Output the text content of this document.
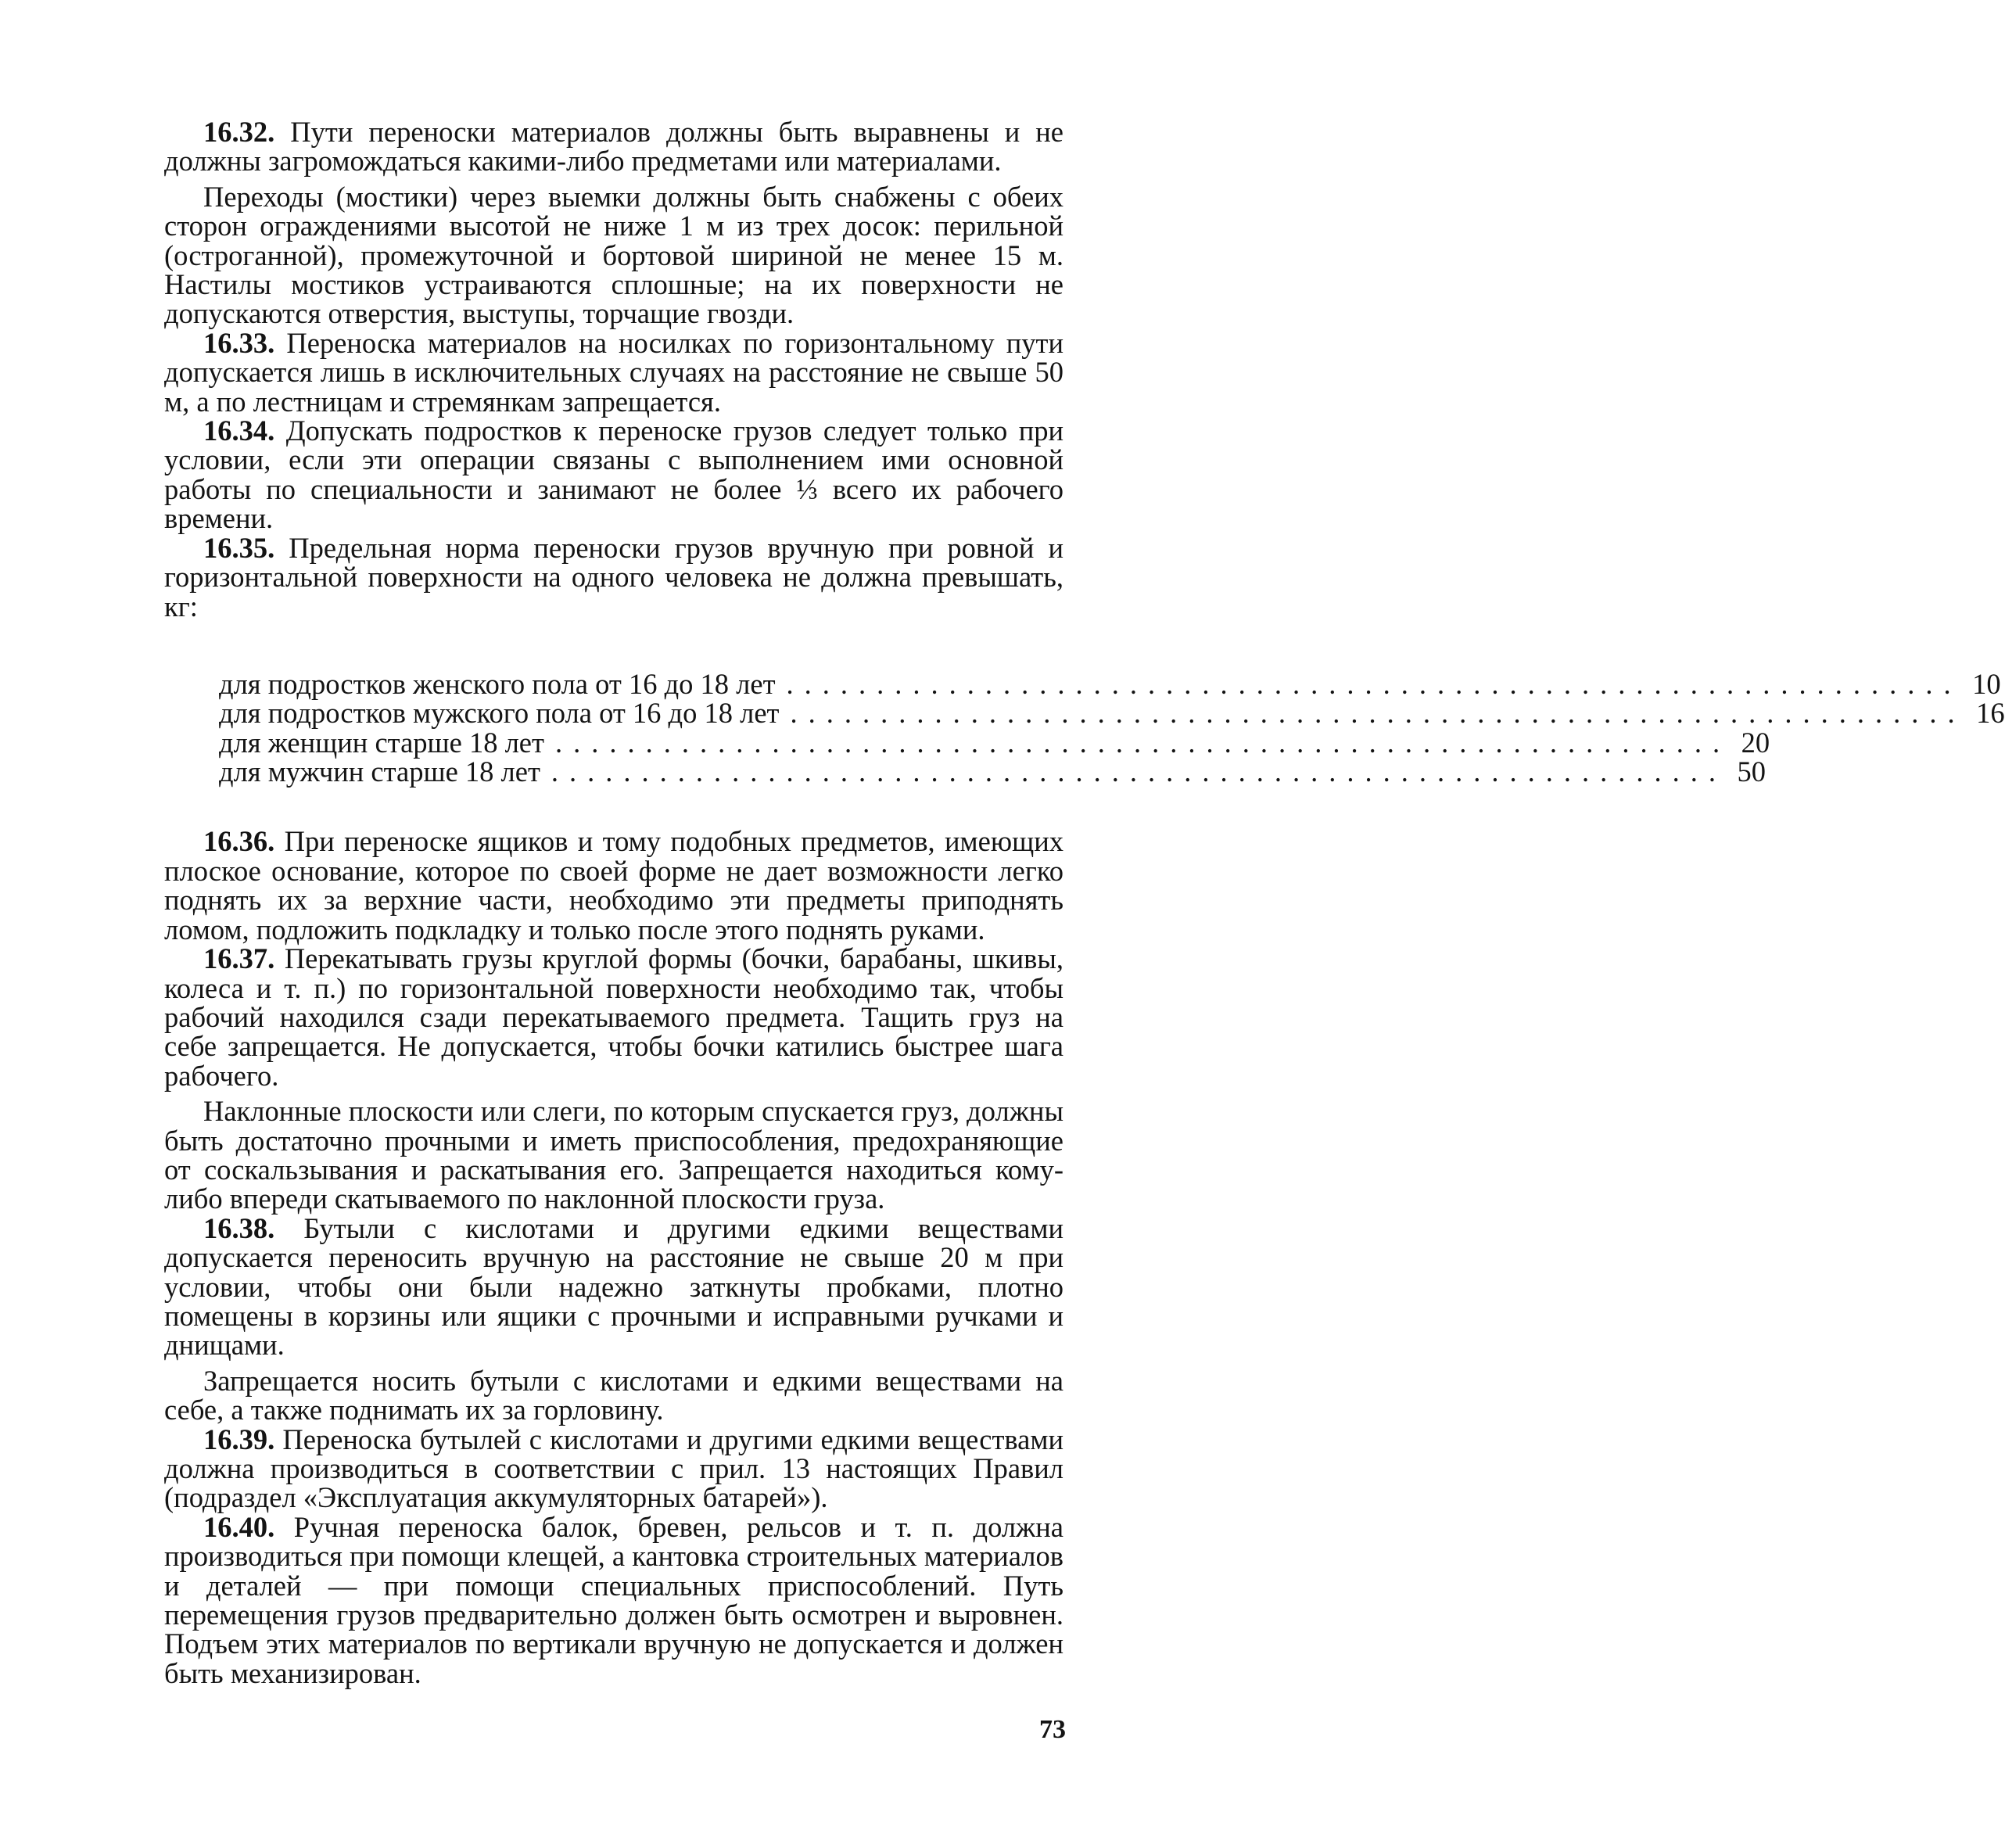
16.32. Пути переноски материалов должны быть выравнены и не должны загромождаться какими-либо предметами или материалами.

Переходы (мостики) через выемки должны быть снабжены с обеих сторон ограждениями высотой не ниже 1 м из трех досок: перильной (остроганной), промежуточной и бортовой шириной не менее 15 м. Настилы мостиков устраиваются сплошные; на их поверхности не допускаются отверстия, выступы, торчащие гвозди.

16.33. Переноска материалов на носилках по горизонтальному пути допускается лишь в исключительных случаях на расстояние не свыше 50 м, а по лестницам и стремянкам запрещается.

16.34. Допускать подростков к переноске грузов следует только при условии, если эти операции связаны с выполнением ими основной работы по специальности и занимают не более ⅓ всего их рабочего времени.

16.35. Предельная норма переноски грузов вручную при ровной и горизонтальной поверхности на одного человека не должна превышать, кг:

для подростков женского пола от 16 до 18 лет ................................................................. 10
для подростков мужского пола от 16 до 18 лет ................................................................. 16
для женщин старше 18 лет ................................................................. 20
для мужчин старше 18 лет ................................................................. 50

16.36. При переноске ящиков и тому подобных предметов, имеющих плоское основание, которое по своей форме не дает возможности легко поднять их за верхние части, необходимо эти предметы приподнять ломом, подложить подкладку и только после этого поднять руками.

16.37. Перекатывать грузы круглой формы (бочки, барабаны, шкивы, колеса и т. п.) по горизонтальной поверхности необходимо так, чтобы рабочий находился сзади перекатываемого предмета. Тащить груз на себе запрещается. Не допускается, чтобы бочки катились быстрее шага рабочего.

Наклонные плоскости или слеги, по которым спускается груз, должны быть достаточно прочными и иметь приспособления, предохраняющие от соскальзывания и раскатывания его. Запрещается находиться кому-либо впереди скатываемого по наклонной плоскости груза.

16.38. Бутыли с кислотами и другими едкими веществами допускается переносить вручную на расстояние не свыше 20 м при условии, чтобы они были надежно заткнуты пробками, плотно помещены в корзины или ящики с прочными и исправными ручками и днищами.

Запрещается носить бутыли с кислотами и едкими веществами на себе, а также поднимать их за горловину.

16.39. Переноска бутылей с кислотами и другими едкими веществами должна производиться в соответствии с прил. 13 настоящих Правил (подраздел «Эксплуатация аккумуляторных батарей»).

16.40. Ручная переноска балок, бревен, рельсов и т. п. должна производиться при помощи клещей, а кантовка строительных материалов и деталей — при помощи специальных приспособлений. Путь перемещения грузов предварительно должен быть осмотрен и выровнен. Подъем этих материалов по вертикали вручную не допускается и должен быть механизирован.

73
